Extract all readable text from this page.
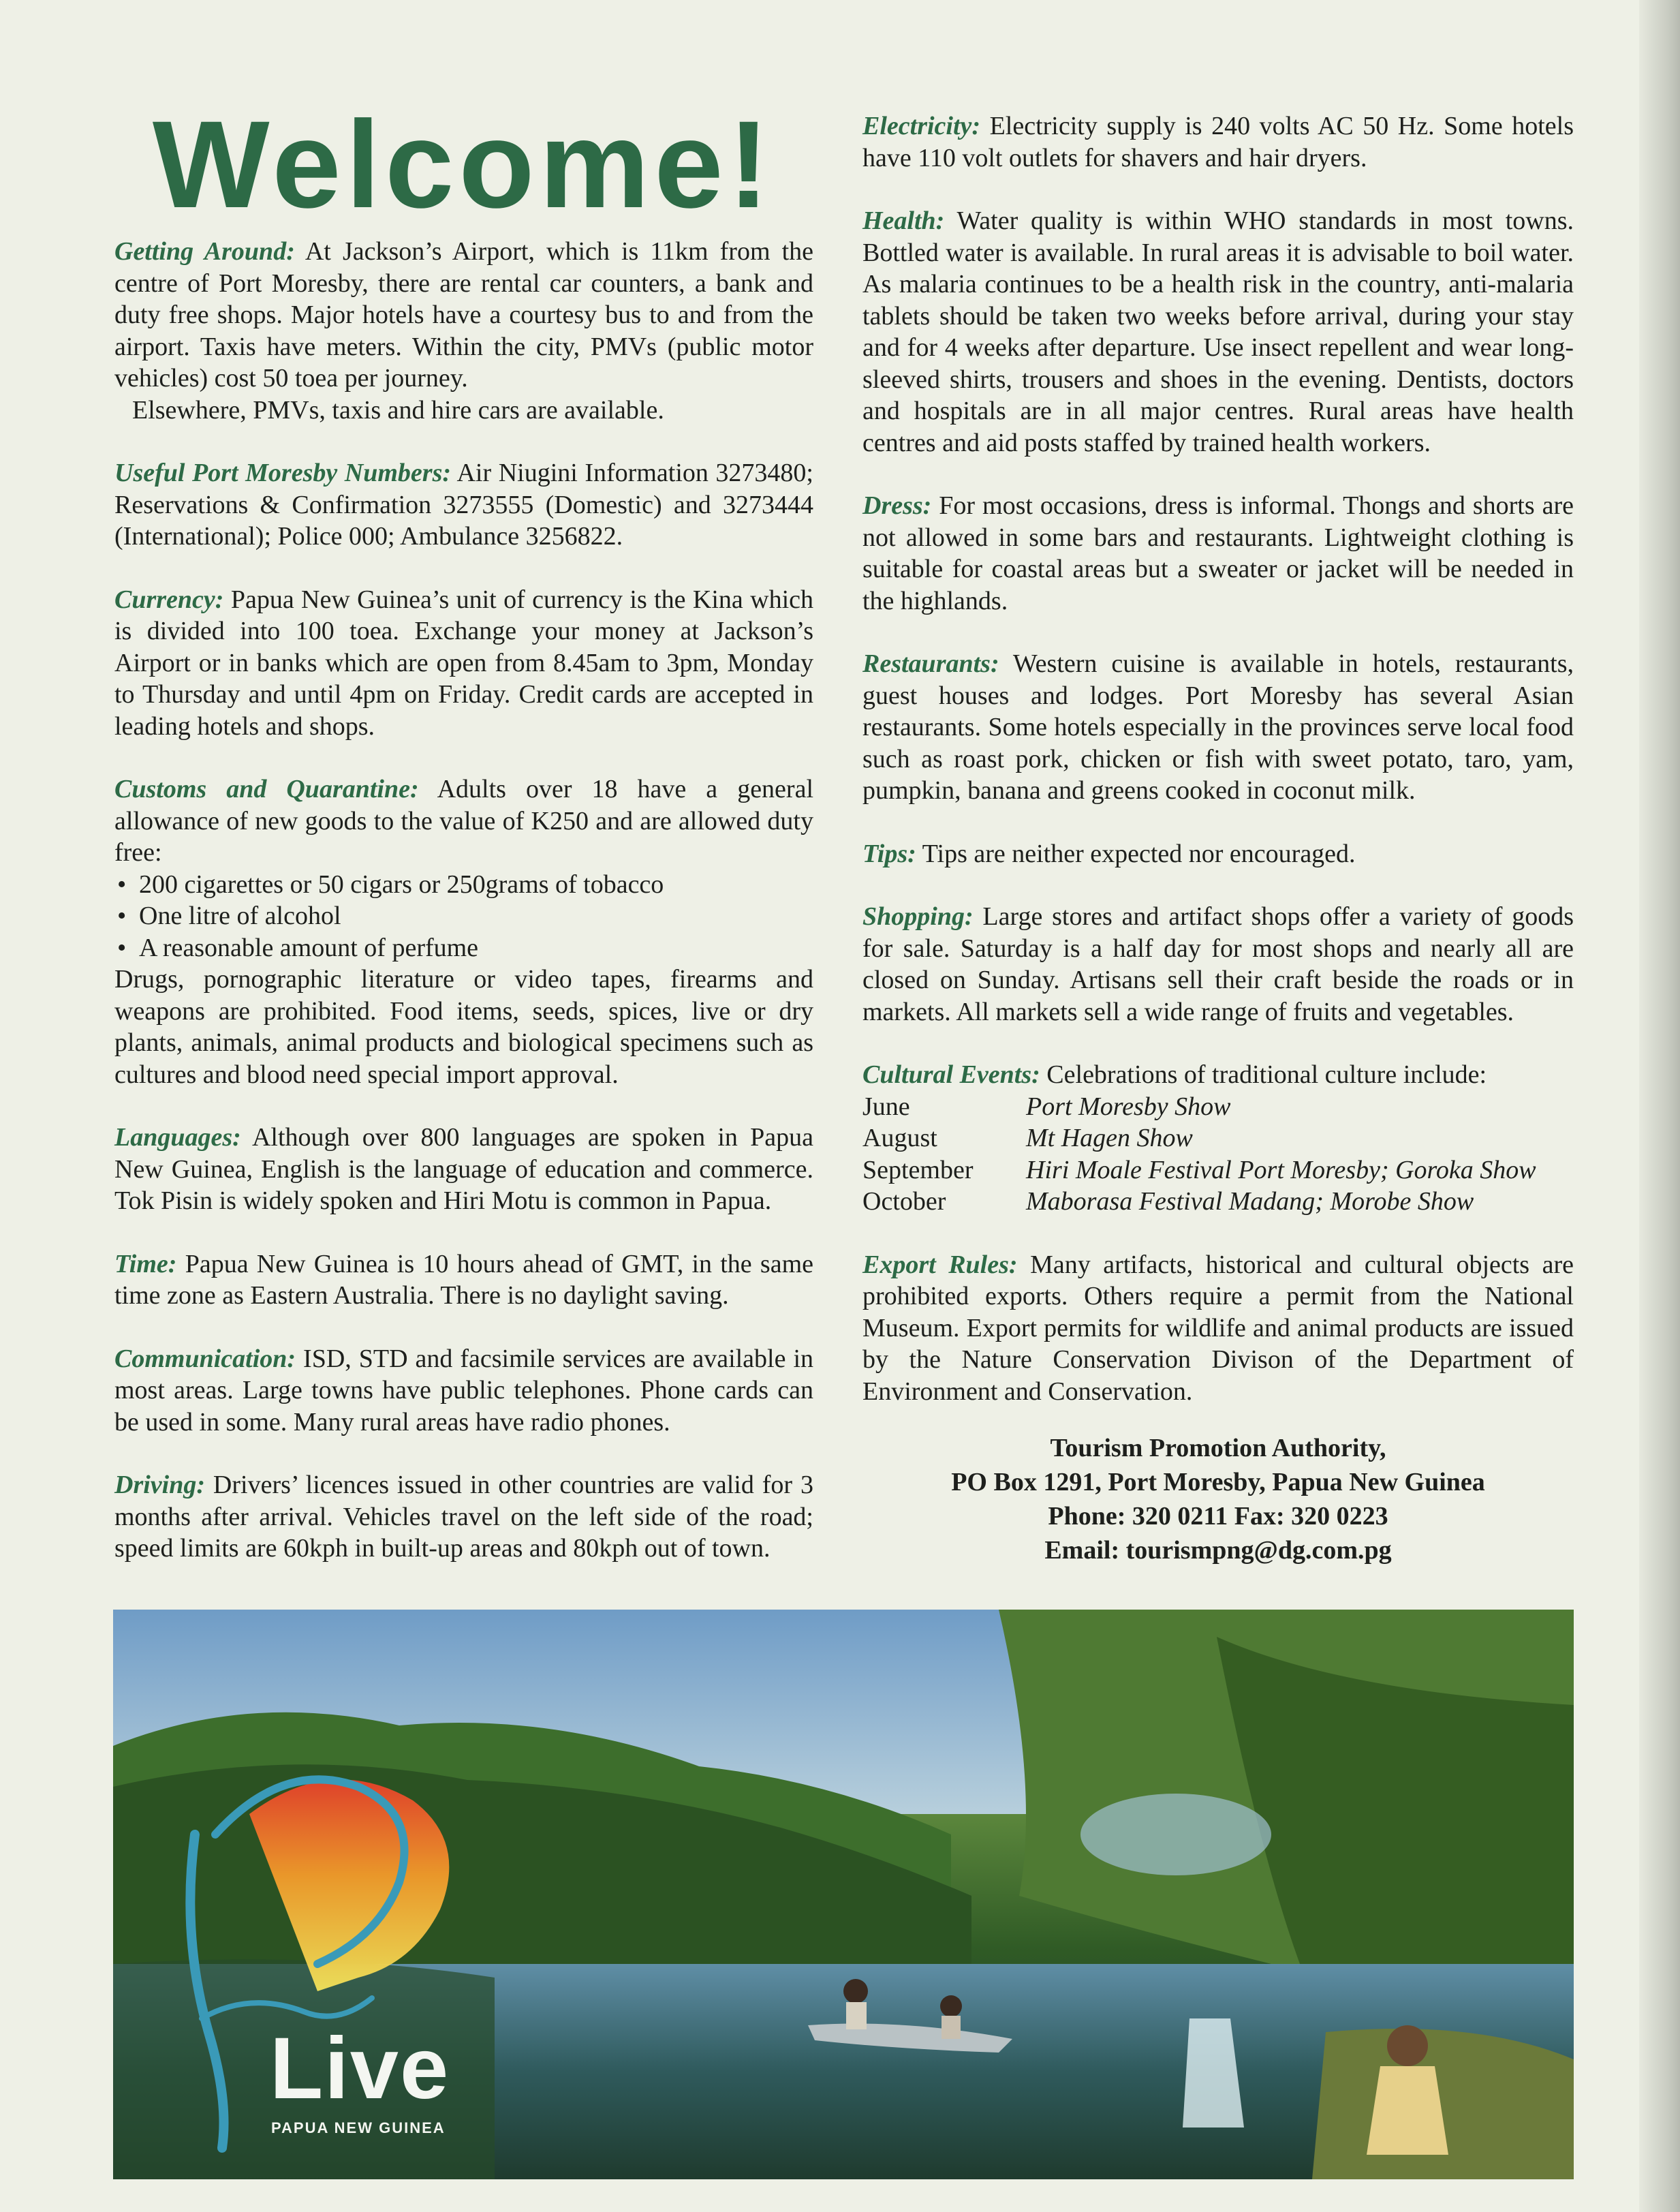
Welcome!

Getting Around: At Jackson’s Airport, which is 11km from the centre of Port Moresby, there are rental car counters, a bank and duty free shops. Major hotels have a courtesy bus to and from the airport. Taxis have meters. Within the city, PMVs (public motor vehicles) cost 50 toea per journey.
Elsewhere, PMVs, taxis and hire cars are available.

Useful Port Moresby Numbers: Air Niugini Information 3273480; Reservations & Confirmation 3273555 (Domestic) and 3273444 (International); Police 000; Ambulance 3256822.

Currency: Papua New Guinea’s unit of currency is the Kina which is divided into 100 toea. Exchange your money at Jackson’s Airport or in banks which are open from 8.45am to 3pm, Monday to Thursday and until 4pm on Friday. Credit cards are accepted in leading hotels and shops.

Customs and Quarantine: Adults over 18 have a general allowance of new goods to the value of K250 and are allowed duty free:
• 200 cigarettes or 50 cigars or 250grams of tobacco
• One litre of alcohol
• A reasonable amount of perfume
Drugs, pornographic literature or video tapes, firearms and weapons are prohibited. Food items, seeds, spices, live or dry plants, animals, animal products and biological specimens such as cultures and blood need special import approval.

Languages: Although over 800 languages are spoken in Papua New Guinea, English is the language of education and commerce. Tok Pisin is widely spoken and Hiri Motu is common in Papua.

Time: Papua New Guinea is 10 hours ahead of GMT, in the same time zone as Eastern Australia. There is no daylight saving.

Communication: ISD, STD and facsimile services are available in most areas. Large towns have public telephones. Phone cards can be used in some. Many rural areas have radio phones.

Driving: Drivers’ licences issued in other countries are valid for 3 months after arrival. Vehicles travel on the left side of the road; speed limits are 60kph in built-up areas and 80kph out of town.

Electricity: Electricity supply is 240 volts AC 50 Hz. Some hotels have 110 volt outlets for shavers and hair dryers.

Health: Water quality is within WHO standards in most towns. Bottled water is available. In rural areas it is advisable to boil water. As malaria continues to be a health risk in the country, anti-malaria tablets should be taken two weeks before arrival, during your stay and for 4 weeks after departure. Use insect repellent and wear long-sleeved shirts, trousers and shoes in the evening. Dentists, doctors and hospitals are in all major centres. Rural areas have health centres and aid posts staffed by trained health workers.

Dress: For most occasions, dress is informal. Thongs and shorts are not allowed in some bars and restaurants. Lightweight clothing is suitable for coastal areas but a sweater or jacket will be needed in the highlands.

Restaurants: Western cuisine is available in hotels, restaurants, guest houses and lodges. Port Moresby has several Asian restaurants. Some hotels especially in the provinces serve local food such as roast pork, chicken or fish with sweet potato, taro, yam, pumpkin, banana and greens cooked in coconut milk.

Tips: Tips are neither expected nor encouraged.

Shopping: Large stores and artifact shops offer a variety of goods for sale. Saturday is a half day for most shops and nearly all are closed on Sunday. Artisans sell their craft beside the roads or in markets. All markets sell a wide range of fruits and vegetables.

Cultural Events: Celebrations of traditional culture include:
June	Port Moresby Show
August	Mt Hagen Show
September	Hiri Moale Festival Port Moresby; Goroka Show
October	Maborasa Festival Madang; Morobe Show

Export Rules: Many artifacts, historical and cultural objects are prohibited exports. Others require a permit from the National Museum. Export permits for wildlife and animal products are issued by the Nature Conservation Divison of the Department of Environment and Conservation.

Tourism Promotion Authority,
PO Box 1291, Port Moresby, Papua New Guinea
Phone: 320 0211 Fax: 320 0223
Email: tourismpng@dg.com.pg
Live
PAPUA NEW GUINEA
